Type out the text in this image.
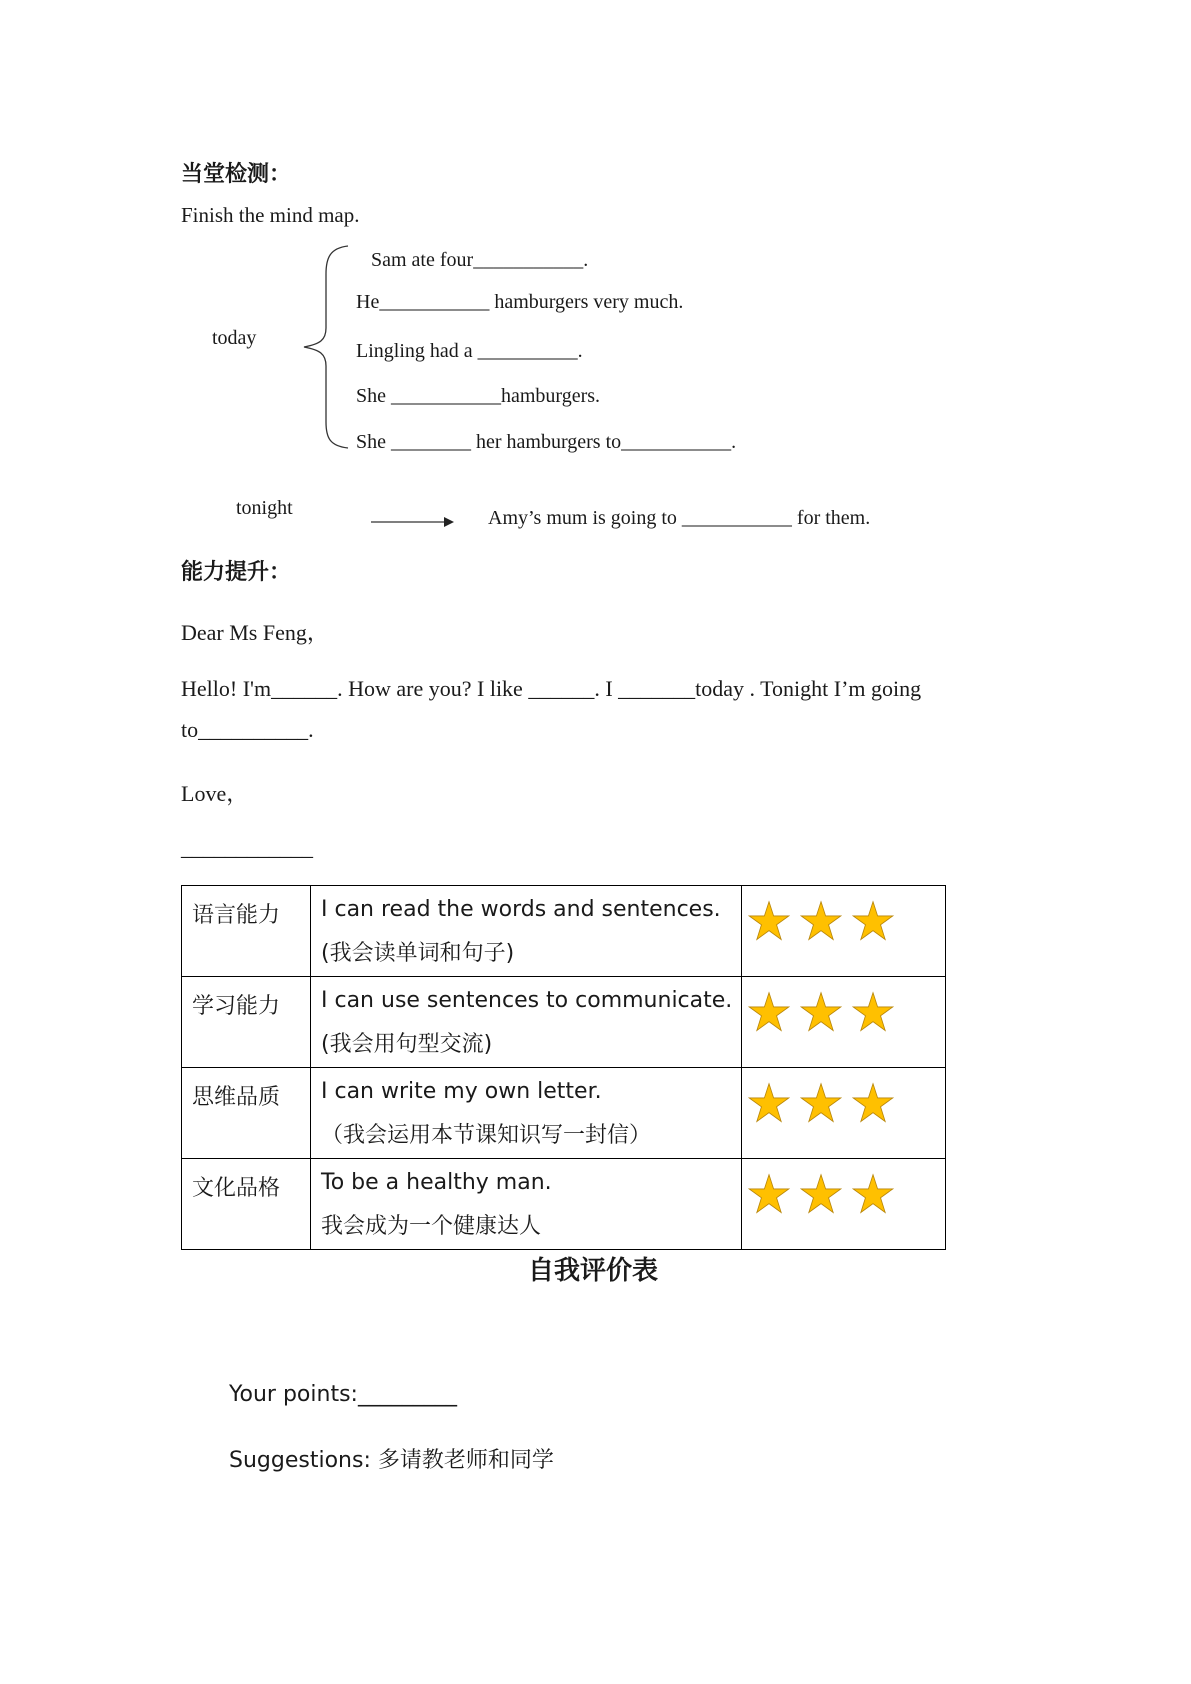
当堂检测：
Finish the mind map.
today
Sam ate four___________.
He___________ hamburgers very much.
Lingling had a __________.
She ___________hamburgers.
She ________ her hamburgers to___________.
tonight	Amy’s mum is going to ___________ for them.
能力提升：
Dear Ms Feng，
Hello! I'm______. How are you? I like ______. I _______today . Tonight I’m going
to__________.
Love，
____________
语言能力	I can read the words and sentences.
(我会读单词和句子)

学习能力	I can use sentences to communicate.
(我会用句型交流)

思维品质	I can write my own letter.
（我会运用本节课知识写一封信）

文化品格	To be a healthy man.
我会成为一个健康达人

自我评价表
Your points:_________
Suggestions: 多请教老师和同学
